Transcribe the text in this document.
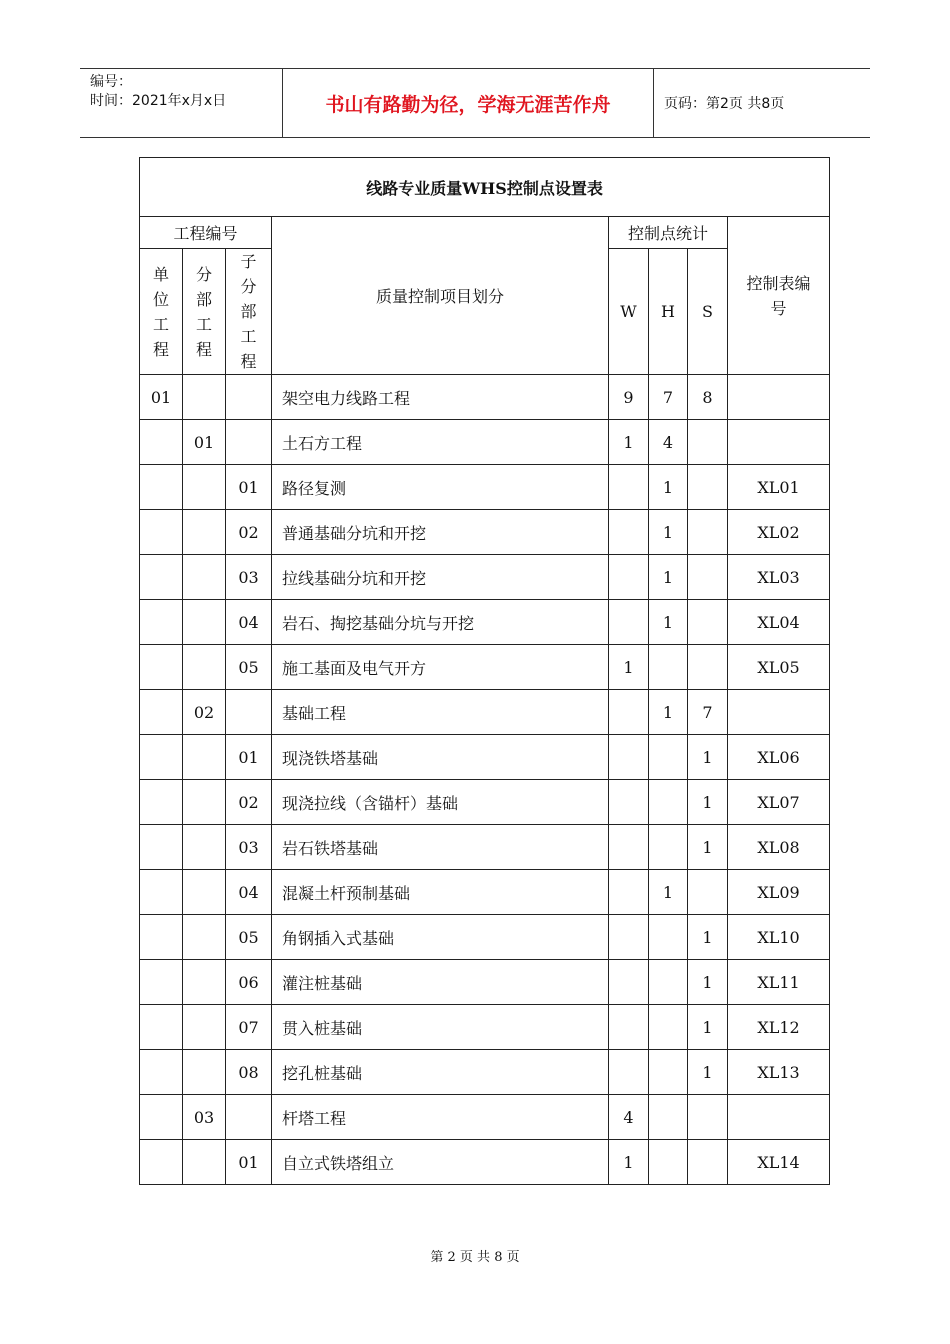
编号：
时间：2021年x月x日	书山有路勤为径，学海无涯苦作舟	页码：第2页 共8页
线路专业质量WHS控制点设置表							
工程编号			质量控制项目划分	控制点统计			控制表编号

单
位
工
程	分
部
工
程	子
分
部
工
程		W	H	S	
01			架空电力线路工程	9	7	8	
	01		土石方工程	1	4		
		01	路径复测		1		XL01
		02	普通基础分坑和开挖		1		XL02
		03	拉线基础分坑和开挖		1		XL03
		04	岩石、掏挖基础分坑与开挖		1		XL04
		05	施工基面及电气开方	1			XL05
	02		基础工程		1	7	
		01	现浇铁塔基础			1	XL06
		02	现浇拉线（含锚杆）基础			1	XL07
		03	岩石铁塔基础			1	XL08
		04	混凝土杆预制基础		1		XL09
		05	角钢插入式基础			1	XL10
		06	灌注桩基础			1	XL11
		07	贯入桩基础			1	XL12
		08	挖孔桩基础			1	XL13
	03		杆塔工程	4			
		01	自立式铁塔组立	1			XL14
第 2 页 共 8 页
